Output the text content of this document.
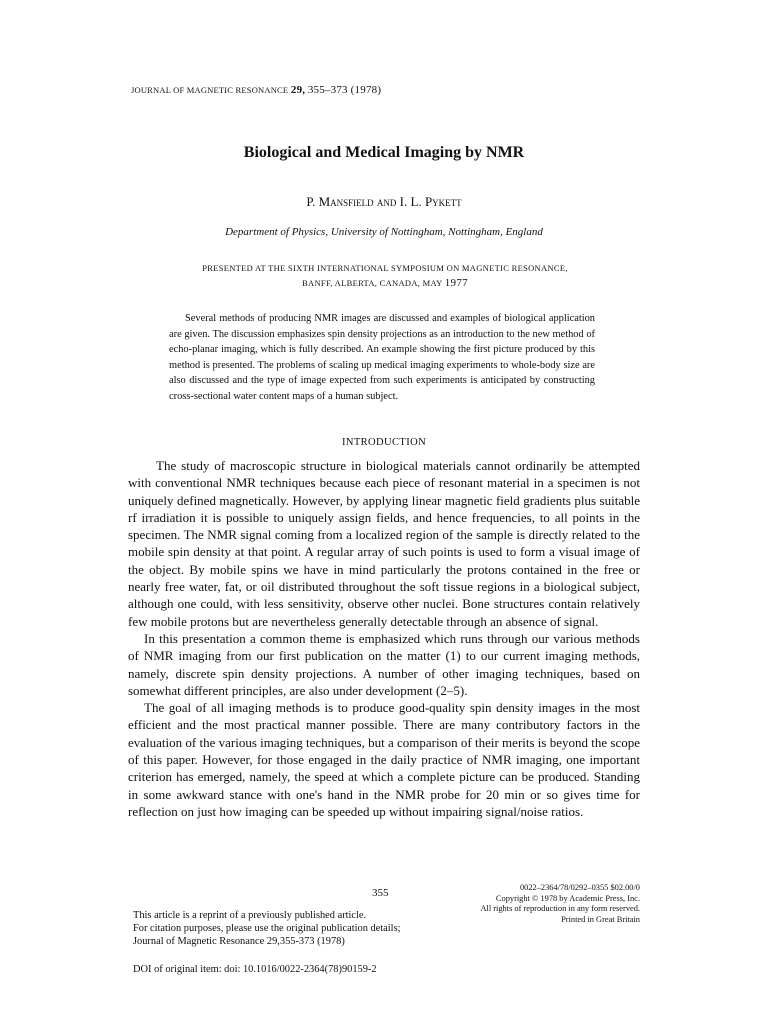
JOURNAL OF MAGNETIC RESONANCE 29, 355–373 (1978)
Biological and Medical Imaging by NMR
P. Mansfield and I. L. Pykett
Department of Physics, University of Nottingham, Nottingham, England
PRESENTED AT THE SIXTH INTERNATIONAL SYMPOSIUM ON MAGNETIC RESONANCE,
BANFF, ALBERTA, CANADA, MAY 1977
Several methods of producing NMR images are discussed and examples of biological application are given. The discussion emphasizes spin density projections as an introduction to the new method of echo-planar imaging, which is fully described. An example showing the first picture produced by this method is presented. The problems of scaling up medical imaging experiments to whole-body size are also discussed and the type of image expected from such experiments is anticipated by constructing cross-sectional water content maps of a human subject.
INTRODUCTION

The study of macroscopic structure in biological materials cannot ordinarily be attempted with conventional NMR techniques because each piece of resonant material in a specimen is not uniquely defined magnetically. However, by applying linear magnetic field gradients plus suitable rf irradiation it is possible to uniquely assign fields, and hence frequencies, to all points in the specimen. The NMR signal coming from a localized region of the sample is directly related to the mobile spin density at that point. A regular array of such points is used to form a visual image of the object. By mobile spins we have in mind particularly the protons contained in the free or nearly free water, fat, or oil distributed throughout the soft tissue regions in a biological subject, although one could, with less sensitivity, observe other nuclei. Bone structures contain relatively few mobile protons but are nevertheless generally detectable through an absence of signal.

In this presentation a common theme is emphasized which runs through our various methods of NMR imaging from our first publication on the matter (1) to our current imaging methods, namely, discrete spin density projections. A number of other imaging techniques, based on somewhat different principles, are also under development (2–5).

The goal of all imaging methods is to produce good-quality spin density images in the most efficient and the most practical manner possible. There are many contributory factors in the evaluation of the various imaging techniques, but a comparison of their merits is beyond the scope of this paper. However, for those engaged in the daily practice of NMR imaging, one important criterion has emerged, namely, the speed at which a complete picture can be produced. Standing in some awkward stance with one's hand in the NMR probe for 20 min or so gives time for reflection on just how imaging can be speeded up without impairing signal/noise ratios.

355	0022–2364/78/0292–0355 $02.00/0
Copyright © 1978 by Academic Press, Inc.
All rights of reproduction in any form reserved.
Printed in Great Britain
This article is a reprint of a previously published article.
For citation purposes, please use the original publication details;
Journal of Magnetic Resonance 29,355-373 (1978)
DOI of original item: doi: 10.1016/0022-2364(78)90159-2
